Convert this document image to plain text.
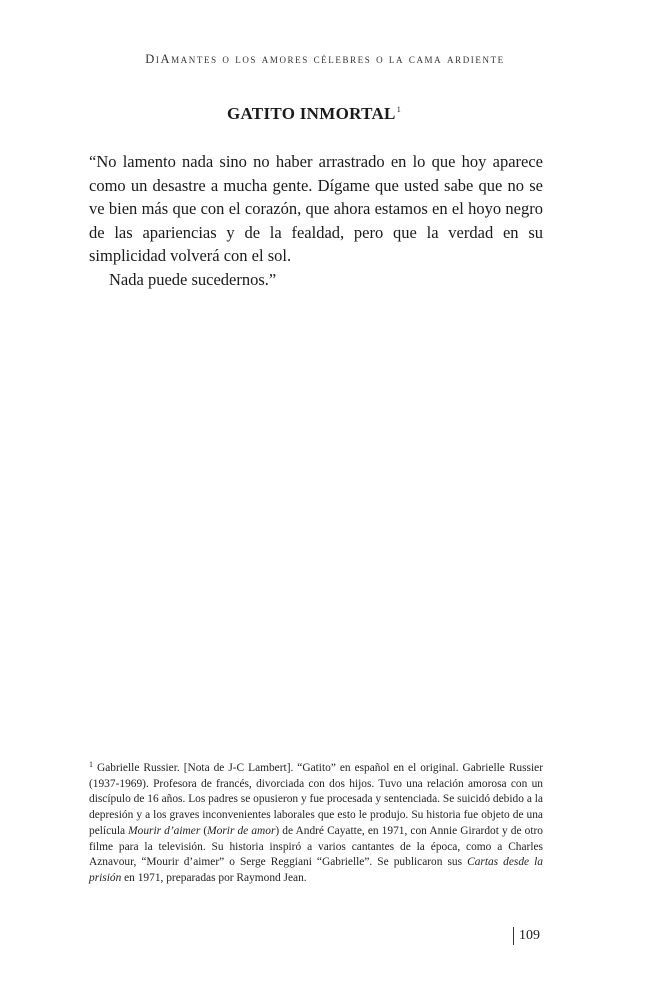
DiAmantes o los amores célebres o la cama ardiente
GATITO INMORTAL$^1$

“No lamento nada sino no haber arrastrado en lo que hoy aparece como un desastre a mucha gente. Dígame que usted sabe que no se ve bien más que con el corazón, que ahora estamos en el hoyo negro de las apariencias y de la fealdad, pero que la verdad en su simplicidad volverá con el sol.

Nada puede sucedernos.”

$^1$ Gabrielle Russier. [Nota de J-C Lambert]. “Gatito” en español en el original. Gabrielle Russier (1937-1969). Profesora de francés, divorciada con dos hijos. Tuvo una relación amorosa con un discípulo de 16 años. Los padres se opusieron y fue procesada y sentenciada. Se suicidó debido a la depresión y a los graves inconvenientes laborales que esto le produjo. Su historia fue objeto de una película Mourir d’aimer (Morir de amor) de André Cayatte, en 1971, con Annie Girardot y de otro filme para la televisión. Su historia inspiró a varios cantantes de la época, como a Charles Aznavour, “Mourir d’aimer” o Serge Reggiani “Gabrielle”. Se publicaron sus Cartas desde la prisión en 1971, preparadas por Raymond Jean.
109
